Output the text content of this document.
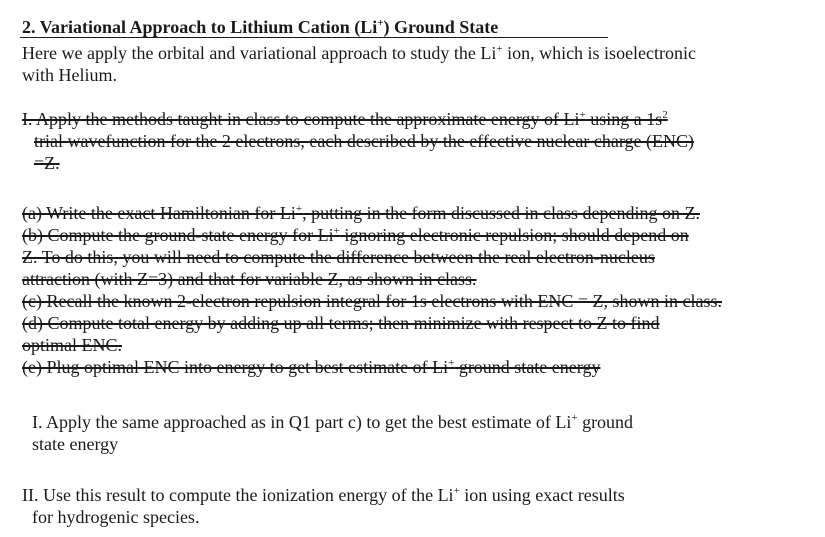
2. Variational Approach to Lithium Cation (Li+) Ground State
Here we apply the orbital and variational approach to study the Li+ ion, which is isoelectronic
with Helium.
I. Apply the methods taught in class to compute the approximate energy of Li+ using a $1s^2$
trial wavefunction for the 2 electrons, each described by the effective nuclear charge (ENC)
=Z.
(a) Write the exact Hamiltonian for Li+, putting in the form discussed in class depending on Z.
(b) Compute the ground-state energy for Li+ ignoring electronic repulsion; should depend on
Z. To do this, you will need to compute the difference between the real electron-nucleus
attraction (with Z=3) and that for variable Z, as shown in class.
(c) Recall the known 2-electron repulsion integral for 1s electrons with ENC = Z, shown in class.
(d) Compute total energy by adding up all terms; then minimize with respect to Z to find
optimal ENC.
(e) Plug optimal ENC into energy to get best estimate of Li+ ground state energy
I. Apply the same approached as in Q1 part c) to get the best estimate of Li+ ground
state energy
II. Use this result to compute the ionization energy of the Li+ ion using exact results
for hydrogenic species.
